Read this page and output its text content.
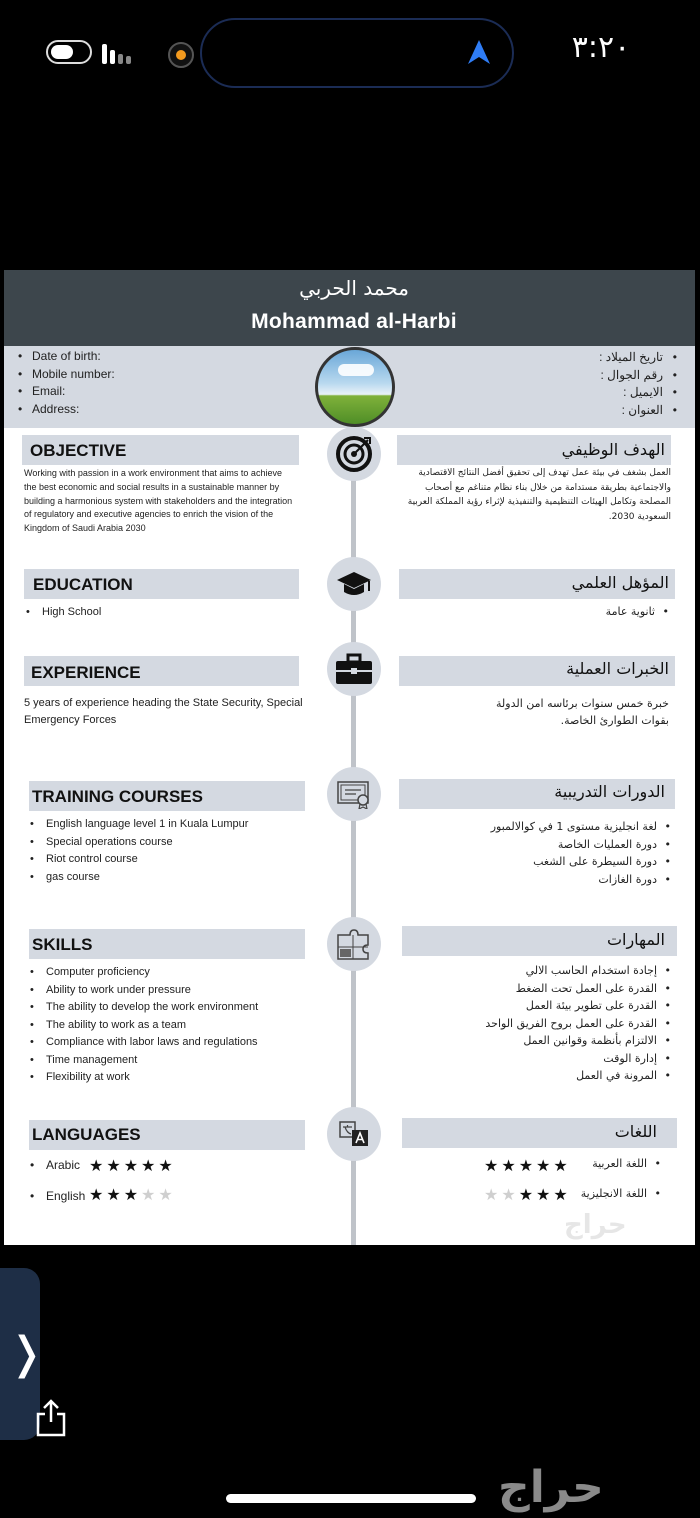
٣:٢٠
محمد الحربي
Mohammad al-Harbi
• Date of birth:
• Mobile number:
• Email:
• Address:
• تاريخ الميلاد :
• رقم الجوال :
• الايميل :
• العنوان :
OBJECTIVE	الهدف الوظيفي
Working with passion in a work environment that aims to achieve the best economic and social results in a sustainable manner by building a harmonious system with stakeholders and the integration of regulatory and executive agencies to enrich the vision of the Kingdom of Saudi Arabia 2030
العمل بشغف في بيئة عمل تهدف إلى تحقيق أفضل النتائج الاقتصادية والاجتماعية بطريقة مستدامة من خلال بناء نظام متناغم مع أصحاب المصلحة وتكامل الهيئات التنظيمية والتنفيذية لإثراء رؤية المملكة العربية السعودية 2030.
EDUCATION	المؤهل العلمي
• High School
•	ثانوية عامة
EXPERIENCE	الخبرات العملية
5 years of experience heading the State Security, Special Emergency Forces
خبرة خمس سنوات برئاسه امن الدولة
بقوات الطوارئ الخاصة.
TRAINING COURSES	الدورات التدريبية
• English language level 1 in Kuala Lumpur
• Special operations course
• Riot control course
• gas course
• لغة انجليزية مستوى 1 في كوالالمبور
• دورة العمليات الخاصة
• دورة السيطرة على الشغب
• دورة الغازات
SKILLS	المهارات
• Computer proficiency
• Ability to work under pressure
• The ability to develop the work environment
• The ability to work as a team
• Compliance with labor laws and regulations
• Time management
• Flexibility at work
• إجادة استخدام الحاسب الالي
• القدرة على العمل تحت الضغط
• القدرة على تطوير بيئة العمل
• القدرة على العمل بروح الفريق الواحد
• الالتزام بأنظمة وقوانين العمل
• إدارة الوقت
• المرونة في العمل
LANGUAGES	اللغات
• Arabic ★★★★★
• English ★★★★★
• اللغة العربية
★★★★★
• اللغة الانجليزية
★★★★★
حراج
❭
حراج
